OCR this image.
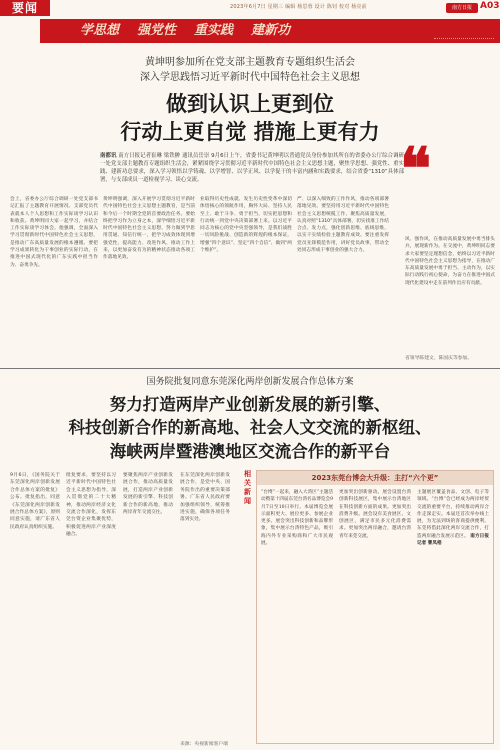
要闻	2023年6月7日 星期三 编辑 杨思蓉 设计 陈钊 校对 杨亮前	南方日报 A03
学思想 强党性 重实践 建新功
黄坤明参加所在党支部主题教育专题组织生活会
深入学思践悟习近平新时代中国特色社会主义思想
做到认识上更到位
行动上更自觉 措施上更有力
南都讯 南方日报记者崔琳 梁铁翀 通讯员岳崇 9月6日上午，省委书记黄坤明以普通党员身份参加其所在的省委办公厅综合调研一处党支部主题教育专题组织生活会，紧紧围绕学习贯彻习近平新时代中国特色社会主义思想主题，聚焦学思想、强党性、重实践、建新功总要求，深入学习领悟以学铸魂、以学增智、以学正风、以学促干的丰富内涵和实践要求，结合省委“1310”具体部署，与支部成员一道检视学习、谈心交流。	❝
会上，省委办公厅综合调研一处党支部书记汇报了主题教育开展情况、支部党员代表就本人个人思想和工作实际谈学习认识和收获。黄坤明同大家一起学习，并结合工作实际谈学习体会。他强调，全面深入学习贯彻新时代中国特色社会主义思想，是推动广东高质量发展的根本遵循。要把学习成果转化为干事创业的实际行动，在推进中国式现代化的广东实践中担当作为、奋勇争先。
黄坤明强调，深入开展学习贯彻习近平新时代中国特色社会主义思想主题教育，是当前和今后一个时期全党的首要政治任务。要始终把学习作为立身之本，深学细悟习近平新时代中国特色社会主义思想，努力做到学思用贯通、知信行统一，把学习成效体现到增强党性、提高能力、改进作风、推动工作上来，以更加奋发有为的精神状态推动各项工作落地见效。
业取得历史性成就、发生历史性变革中深切体悟核心的领航作用，胸怀大局、坚持人民至上、敢于斗争、勇于担当，切实把思想和行动统一到党中央决策部署上来。以习近平同志为核心的党中央坚强领导，是我们战胜一切风险挑战、创造新的辉煌的根本保证，增强“四个意识”、坚定“四个自信”、做到“两个维护”。
严、以深入细致的工作作风，推动各项部署落地见效。要坚持用习近平新时代中国特色社会主义思想统揽工作，聚焦高质量发展，认真对照“1310”具体部署，切实找准工作结合点、发力点，强化创新思维、底线思维，以实干实绩检验主题教育成效。要注重发挥党员先锋模范作用，讲好党员故事，带动全处同志形成干事创业的强大合力。
风、强作风，在推动高质量发展中勇当排头兵，展现新作为。在交流中，黄坤明同志要求大家要坚定理想信念，始终以习近平新时代中国特色社会主义思想为指导，在推动广东高质量发展中勇于担当、主动作为，以实际行动践行初心使命，为奋力在推进中国式现代化建设中走在前列作出应有贡献。
省领导陈建文、陈国庆等参加。
国务院批复同意东莞深化两岸创新发展合作总体方案
努力打造两岸产业创新发展的新引擎、
科技创新合作的新高地、社会人文交流的新枢纽、
海峡两岸暨港澳地区交流合作的新平台
9月6日，《国务院关于东莞深化两岸创新发展合作总体方案的批复》公布。批复指出，同意《东莞深化两岸创新发展合作总体方案》，原则同意实施，请广东省人民政府认真组织实施。
批复要求，要坚持以习近平新时代中国特色社会主义思想为指导，深入贯彻党的二十大精神，推动两岸经济文化交流合作深化，发挥东莞台资企业集聚优势，积极促进两岸产业深度融合。
要聚焦两岸产业创新发展合作，推动高质量发展，打造两岸产业创新发展的新引擎、科技创新合作的新高地，推动两岸青年交流交往。
在东莞深化两岸创新发展合作，是党中央、国务院作出的重要决策部署。广东省人民政府要加强组织领导，统筹推进实施，确保各项任务落到实处。
来源：央视新闻客户端
相关新闻
2023东莞台博会大升级：主打“六个更”
“台博”一起来，融入大湾区”主题活动暨第十四届东莞台湾名品博览会9月7日至10日举行。本届博览会展示面积更大、展位更多、参展企业更多。展会突出科技创新和品牌形象，集中展示台湾特色产品，吸引海内外专业采购商和广大市民观展。
更加突出创新驱动。展会设置台湾创新科技展区，集中展示台湾地区在科技创新方面的成果。更加突出消费升级。展会设有美食展区、文创展区，满足市民多元化消费需求。更加突出两岸融合，邀请台湾青年来莞交流。
主题展区覆盖食品、文创、电子等领域。“台博”会已经成为两岸经贸交流的重要平台，持续推动两岸合作走深走实。本届还首次举办线上展，为无法到场的客商提供便利。东莞将借此深化两岸交流合作，打造两岸融合发展示范区。 南方日报记者 曹凤梧
